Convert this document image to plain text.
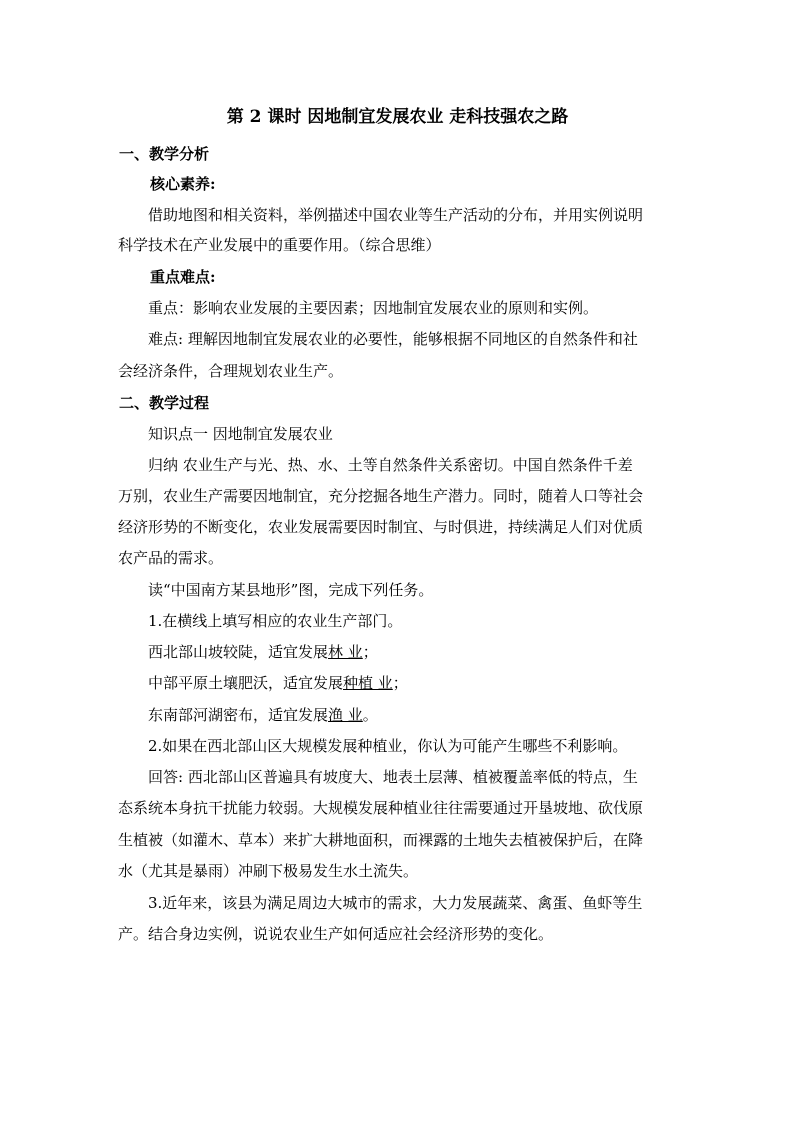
第 2 课时 因地制宜发展农业 走科技强农之路
一、教学分析
核心素养:
借助地图和相关资料，举例描述中国农业等生产活动的分布，并用实例说明
科学技术在产业发展中的重要作用。（综合思维）
重点难点:
重点：影响农业发展的主要因素；因地制宜发展农业的原则和实例。
难点: 理解因地制宜发展农业的必要性，能够根据不同地区的自然条件和社
会经济条件，合理规划农业生产。
二、教学过程
知识点一 因地制宜发展农业
归纳 农业生产与光、热、水、土等自然条件关系密切。中国自然条件千差
万别，农业生产需要因地制宜，充分挖掘各地生产潜力。同时，随着人口等社会
经济形势的不断变化，农业发展需要因时制宜、与时俱进，持续满足人们对优质
农产品的需求。
读“中国南方某县地形”图，完成下列任务。
1.在横线上填写相应的农业生产部门。
西北部山坡较陡，适宜发展林 业；
中部平原土壤肥沃，适宜发展种植 业；
东南部河湖密布，适宜发展渔 业。
2.如果在西北部山区大规模发展种植业，你认为可能产生哪些不利影响。
回答: 西北部山区普遍具有坡度大、地表土层薄、植被覆盖率低的特点，生
态系统本身抗干扰能力较弱。大规模发展种植业往往需要通过开垦坡地、砍伐原
生植被（如灌木、草本）来扩大耕地面积，而裸露的土地失去植被保护后，在降
水（尤其是暴雨）冲刷下极易发生水土流失。
3.近年来，该县为满足周边大城市的需求，大力发展蔬菜、禽蛋、鱼虾等生
产。结合身边实例，说说农业生产如何适应社会经济形势的变化。
